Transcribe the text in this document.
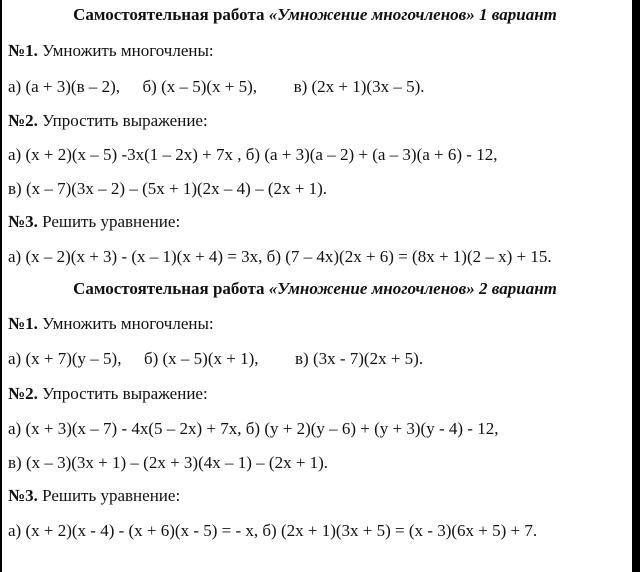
Самостоятельная работа «Умножение многочленов» 1 вариант
№1. Умножить многочлены:
а) (а + 3)(в – 2), б) (х – 5)(х + 5), в) (2х + 1)(3х – 5).
№2. Упростить выражение:
а) (х + 2)(х – 5) -3х(1 – 2х) + 7х , б) (а + 3)(а – 2) + (а – 3)(а + 6) - 12,
в) (х – 7)(3х – 2) – (5х + 1)(2х – 4) – (2х + 1).
№3. Решить уравнение:
а) (х – 2)(х + 3) - (х – 1)(х + 4) = 3х, б) (7 – 4х)(2х + 6) = (8х + 1)(2 – х) + 15.
Самостоятельная работа «Умножение многочленов» 2 вариант
№1. Умножить многочлены:
а) (х + 7)(у – 5), б) (х – 5)(х + 1), в) (3х - 7)(2х + 5).
№2. Упростить выражение:
а) (х + 3)(х – 7) - 4х(5 – 2х) + 7х, б) (у + 2)(у – 6) + (у + 3)(у - 4) - 12,
в) (х – 3)(3х + 1) – (2х + 3)(4х – 1) – (2х + 1).
№3. Решить уравнение:
а) (х + 2)(х - 4) - (х + 6)(х - 5) = - х, б) (2х + 1)(3х + 5) = (х - 3)(6х + 5) + 7.
